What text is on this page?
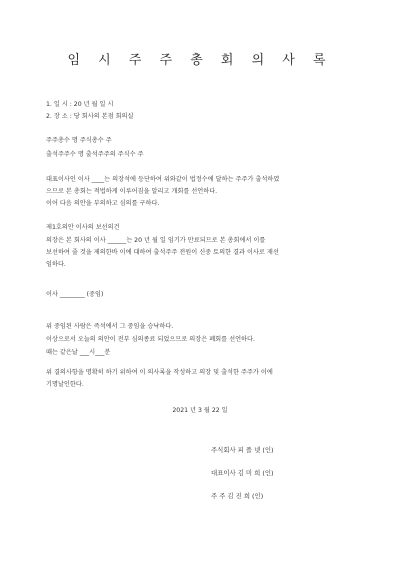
임 시 주 주 총 회 의 사 록
1. 일 시 : 20 년 월 일 시
2. 장 소 : 당 회사의 본점 회의실
주주총수 명 주식총수 주
출석주주수 명 출석주주의 주식수 주
대표이사인 이사 ____는 의장석에 등단하여 위와같이 법정수에 달하는 주주가 출석하였
으므로 본 총회는 적법하게 이루어짐을 알리고 개회를 선언하다.
이어 다음 의안을 부의하고 심의를 구하다.
제1호의안 이사의 보선의건
의장은 본 회사의 이사 ______는 20 년 월 일 임기가 만료되므로 본 총회에서 이를
보선하여 줄 것을 제의한바 이에 대하여 출석주주 전원이 신중 토의한 결과 이사로 재선
임하다.
이사 ________ (중임)
위 중임된 사람은 즉석에서 그 중임을 승낙하다.
이상으로서 오늘의 의안이 전부 심의종료 되었으므로 의장은 폐회를 선언하다.
때는 같은날 ___시___분
위 결의사항을 명확히 하기 위하여 이 의사록을 작성하고 의장 및 출석한 주주가 이에
기명날인한다.
2021 년 3 월 22 일
주식회사 피 플 넷 (인)
대표이사 김 미 희 (인)
주 주 김 진 희 (인)
